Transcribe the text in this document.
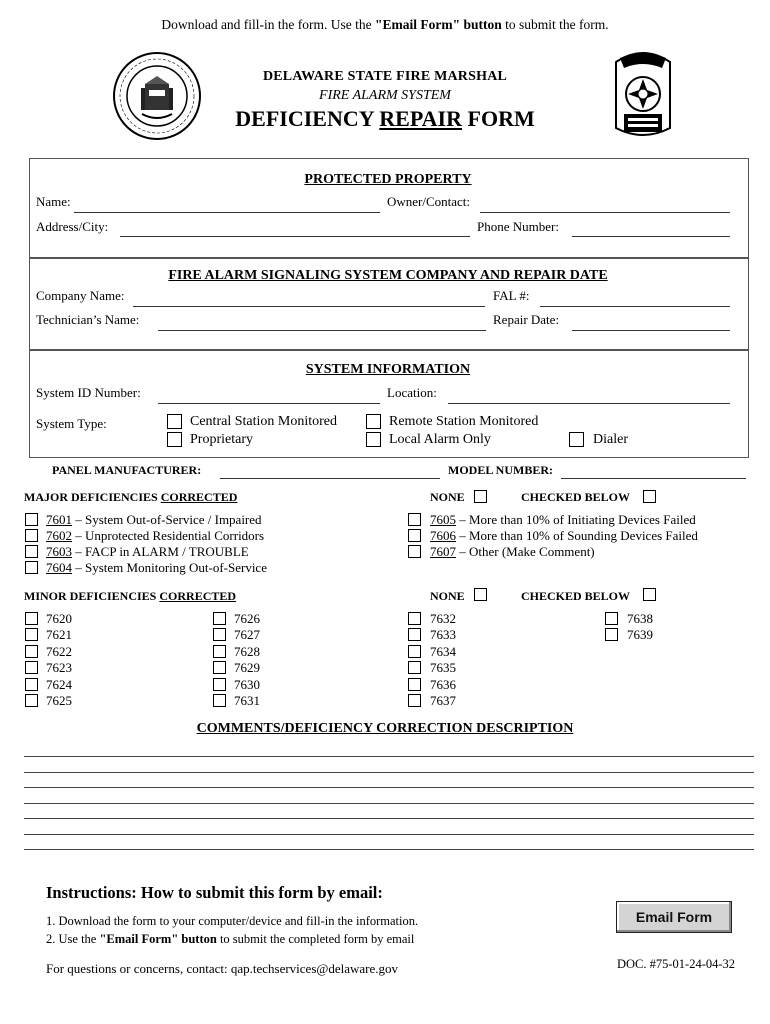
Download and fill-in the form. Use the "Email Form" button to submit the form.
DELAWARE STATE FIRE MARSHAL
FIRE ALARM SYSTEM
DEFICIENCY REPAIR FORM
PROTECTED PROPERTY
Name:	Owner/Contact:
Address/City:	Phone Number:
FIRE ALARM SIGNALING SYSTEM COMPANY AND REPAIR DATE
Company Name:	FAL #:
Technician’s Name:	Repair Date:
SYSTEM INFORMATION
System ID Number:	Location:
System Type:	Central Station Monitored	Remote Station Monitored
Proprietary	Local Alarm Only	Dialer
PANEL MANUFACTURER:	MODEL NUMBER:
MAJOR DEFICIENCIES CORRECTED	NONE	CHECKED BELOW
7601 – System Out-of-Service / Impaired
7602 – Unprotected Residential Corridors
7603 – FACP in ALARM / TROUBLE
7604 – System Monitoring Out-of-Service
7605 – More than 10% of Initiating Devices Failed
7606 – More than 10% of Sounding Devices Failed
7607 – Other (Make Comment)
MINOR DEFICIENCIES CORRECTED	NONE	CHECKED BELOW
7620
7621
7622
7623
7624
7625
7626
7627
7628
7629
7630
7631
7632
7633
7634
7635
7636
7637
7638
7639
COMMENTS/DEFICIENCY CORRECTION DESCRIPTION
Instructions: How to submit this form by email:
1. Download the form to your computer/device and fill-in the information.
2. Use the "Email Form" button to submit the completed form by email
For questions or concerns, contact: qap.techservices@delaware.gov
Email Form
DOC. #75-01-24-04-32
